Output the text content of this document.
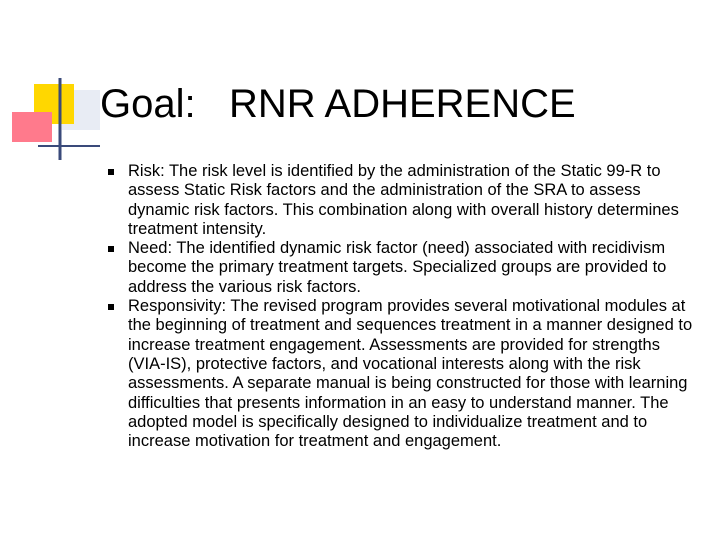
Goal:   RNR ADHERENCE
Risk: The risk level is identified by the administration of the Static 99-R to assess Static Risk factors and the administration of the SRA to assess dynamic risk factors. This combination along with overall history determines treatment intensity.
Need: The identified dynamic risk factor (need) associated with recidivism become the primary treatment targets. Specialized groups are provided to address the various risk factors.
Responsivity: The revised program provides several motivational modules at the beginning of treatment and sequences treatment in a manner designed to increase treatment engagement. Assessments are provided for strengths (VIA-IS), protective factors, and vocational interests along with the risk assessments. A separate manual is being constructed for those with learning difficulties that presents information in an easy to understand manner. The adopted model is specifically designed to individualize treatment and to increase motivation for treatment and engagement.
